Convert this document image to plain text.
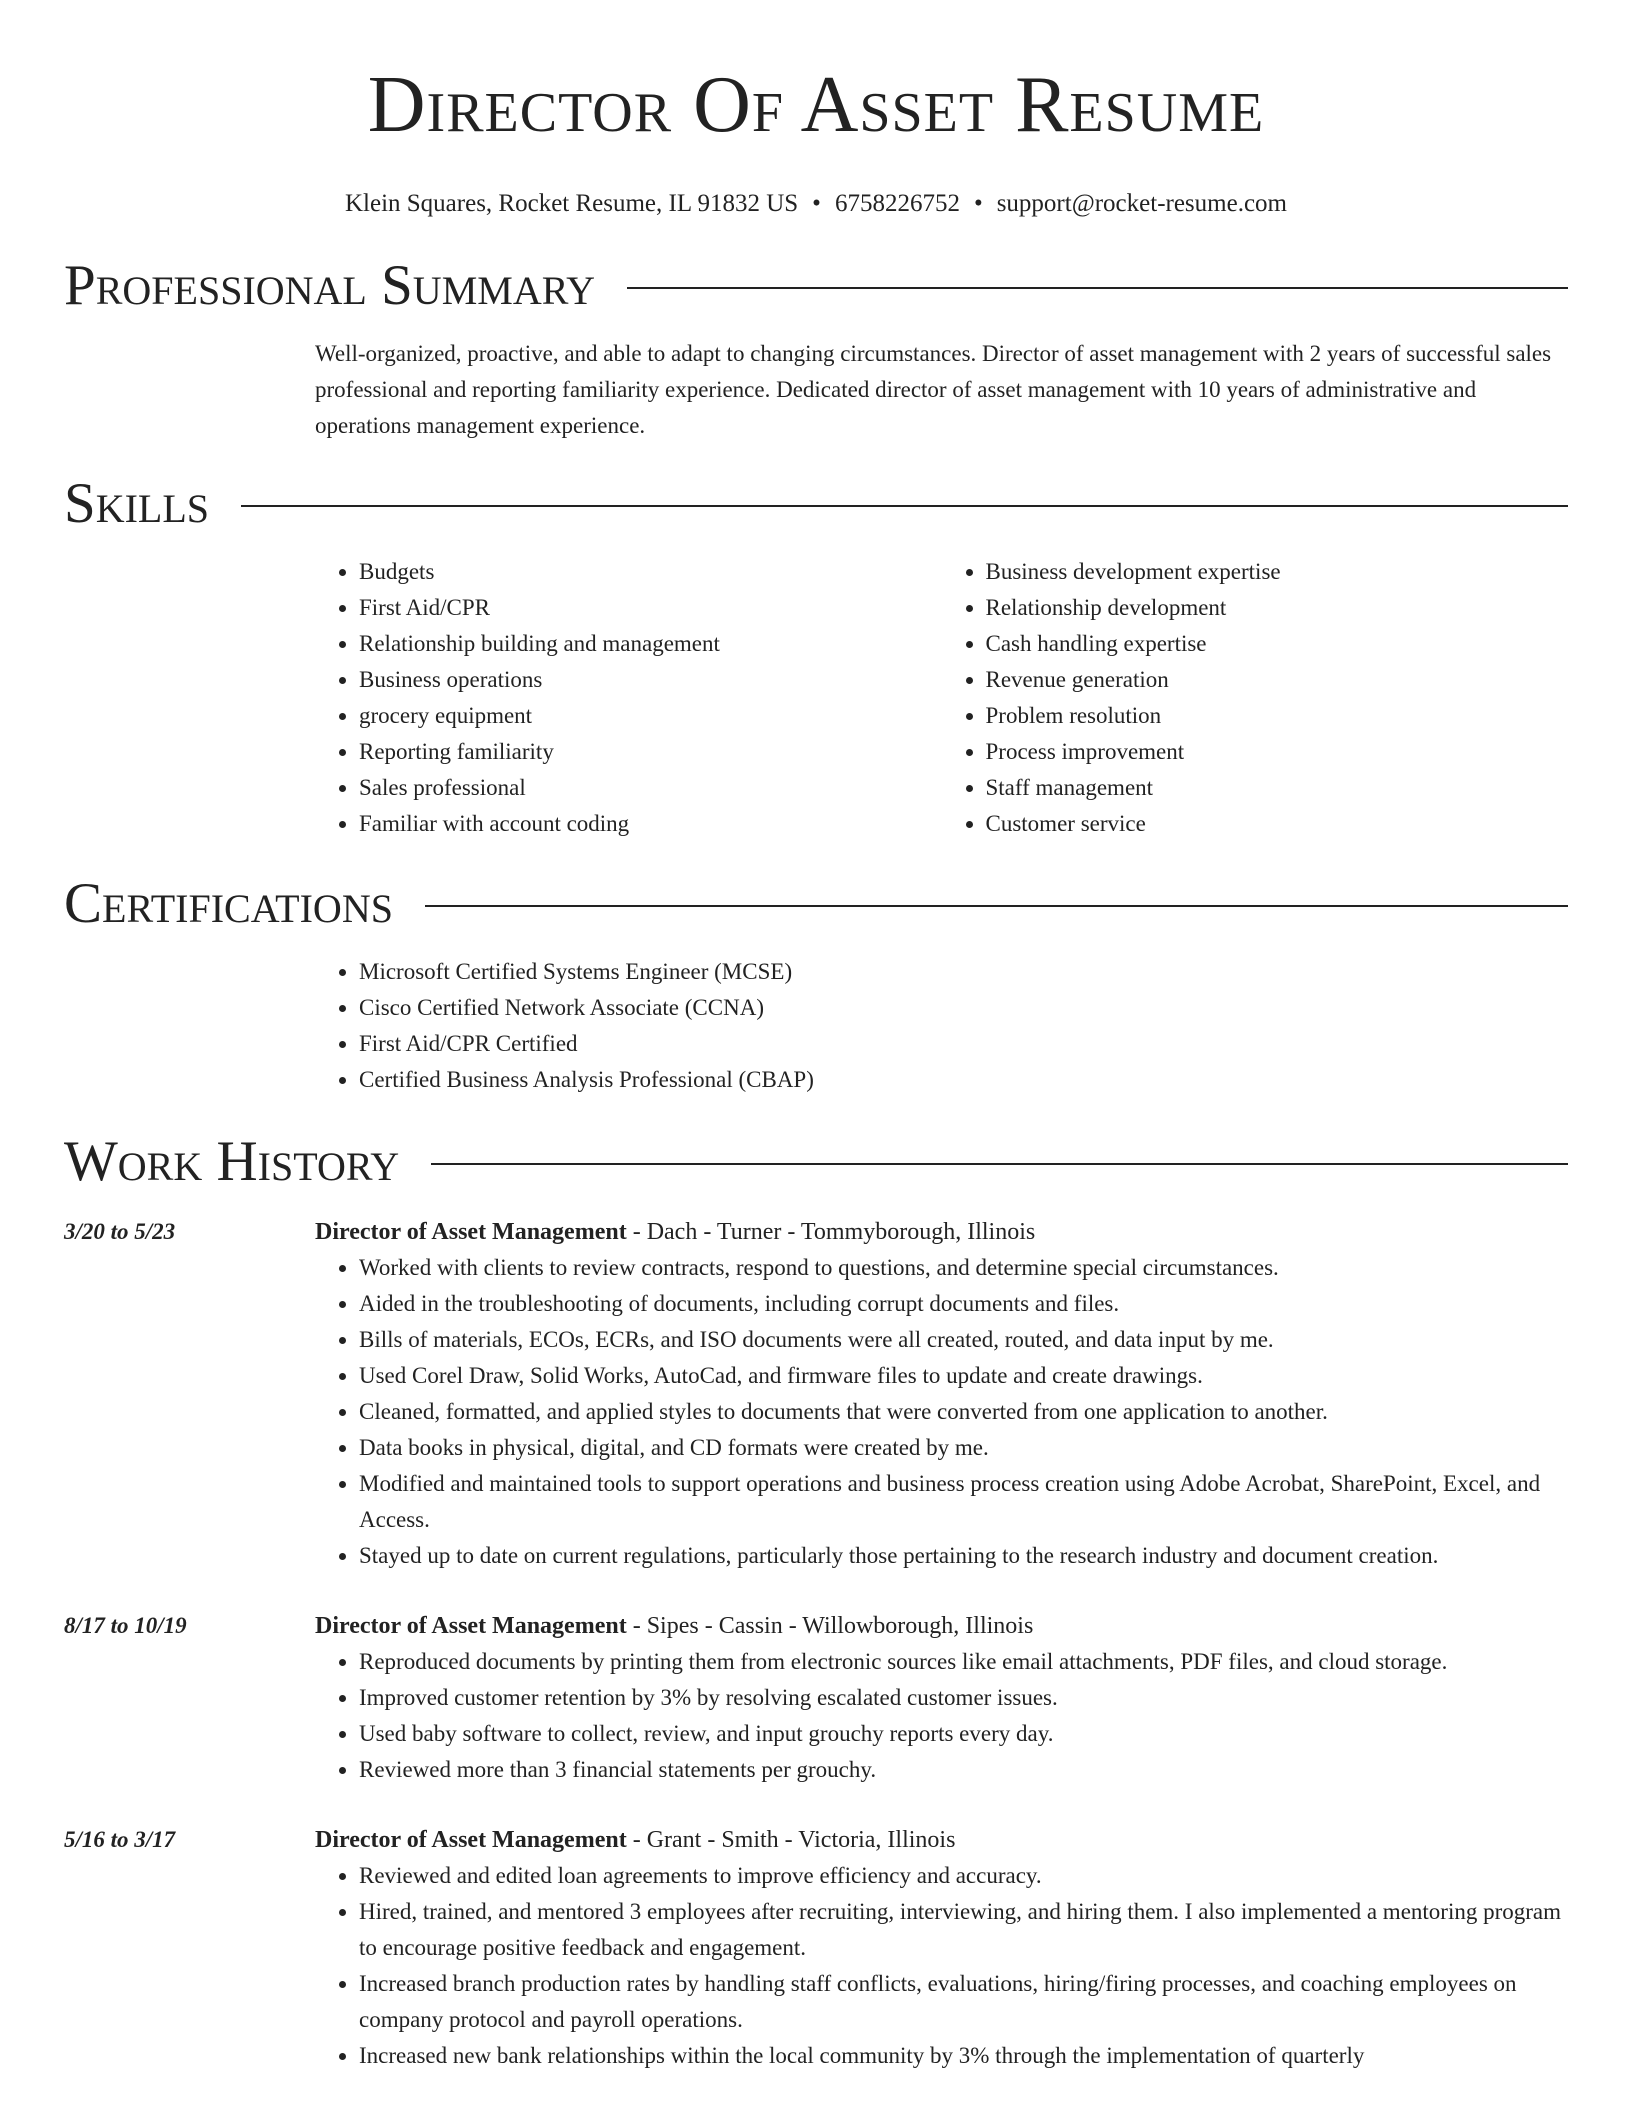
Director Of Asset Resume
Klein Squares, Rocket Resume, IL 91832 US • 6758226752 • support@rocket-resume.com
Professional Summary

Well-organized, proactive, and able to adapt to changing circumstances. Director of asset management with 2 years of successful sales professional and reporting familiarity experience. Dedicated director of asset management with 10 years of administrative and operations management experience.

Skills
• Budgets
• First Aid/CPR
• Relationship building and management
• Business operations
• grocery equipment
• Reporting familiarity
• Sales professional
• Familiar with account coding
• Business development expertise
• Relationship development
• Cash handling expertise
• Revenue generation
• Problem resolution
• Process improvement
• Staff management
• Customer service
Certifications
• Microsoft Certified Systems Engineer (MCSE)
• Cisco Certified Network Associate (CCNA)
• First Aid/CPR Certified
• Certified Business Analysis Professional (CBAP)
Work History
3/20 to 5/23	Director of Asset Management - Dach - Turner - Tommyborough, Illinois
• Worked with clients to review contracts, respond to questions, and determine special circumstances.
• Aided in the troubleshooting of documents, including corrupt documents and files.
• Bills of materials, ECOs, ECRs, and ISO documents were all created, routed, and data input by me.
• Used Corel Draw, Solid Works, AutoCad, and firmware files to update and create drawings.
• Cleaned, formatted, and applied styles to documents that were converted from one application to another.
• Data books in physical, digital, and CD formats were created by me.
• Modified and maintained tools to support operations and business process creation using Adobe Acrobat, SharePoint, Excel, and Access.
• Stayed up to date on current regulations, particularly those pertaining to the research industry and document creation.
8/17 to 10/19	Director of Asset Management - Sipes - Cassin - Willowborough, Illinois
• Reproduced documents by printing them from electronic sources like email attachments, PDF files, and cloud storage.
• Improved customer retention by 3% by resolving escalated customer issues.
• Used baby software to collect, review, and input grouchy reports every day.
• Reviewed more than 3 financial statements per grouchy.
5/16 to 3/17	Director of Asset Management - Grant - Smith - Victoria, Illinois
• Reviewed and edited loan agreements to improve efficiency and accuracy.
• Hired, trained, and mentored 3 employees after recruiting, interviewing, and hiring them. I also implemented a mentoring program to encourage positive feedback and engagement.
• Increased branch production rates by handling staff conflicts, evaluations, hiring/firing processes, and coaching employees on company protocol and payroll operations.
• Increased new bank relationships within the local community by 3% through the implementation of quarterly
